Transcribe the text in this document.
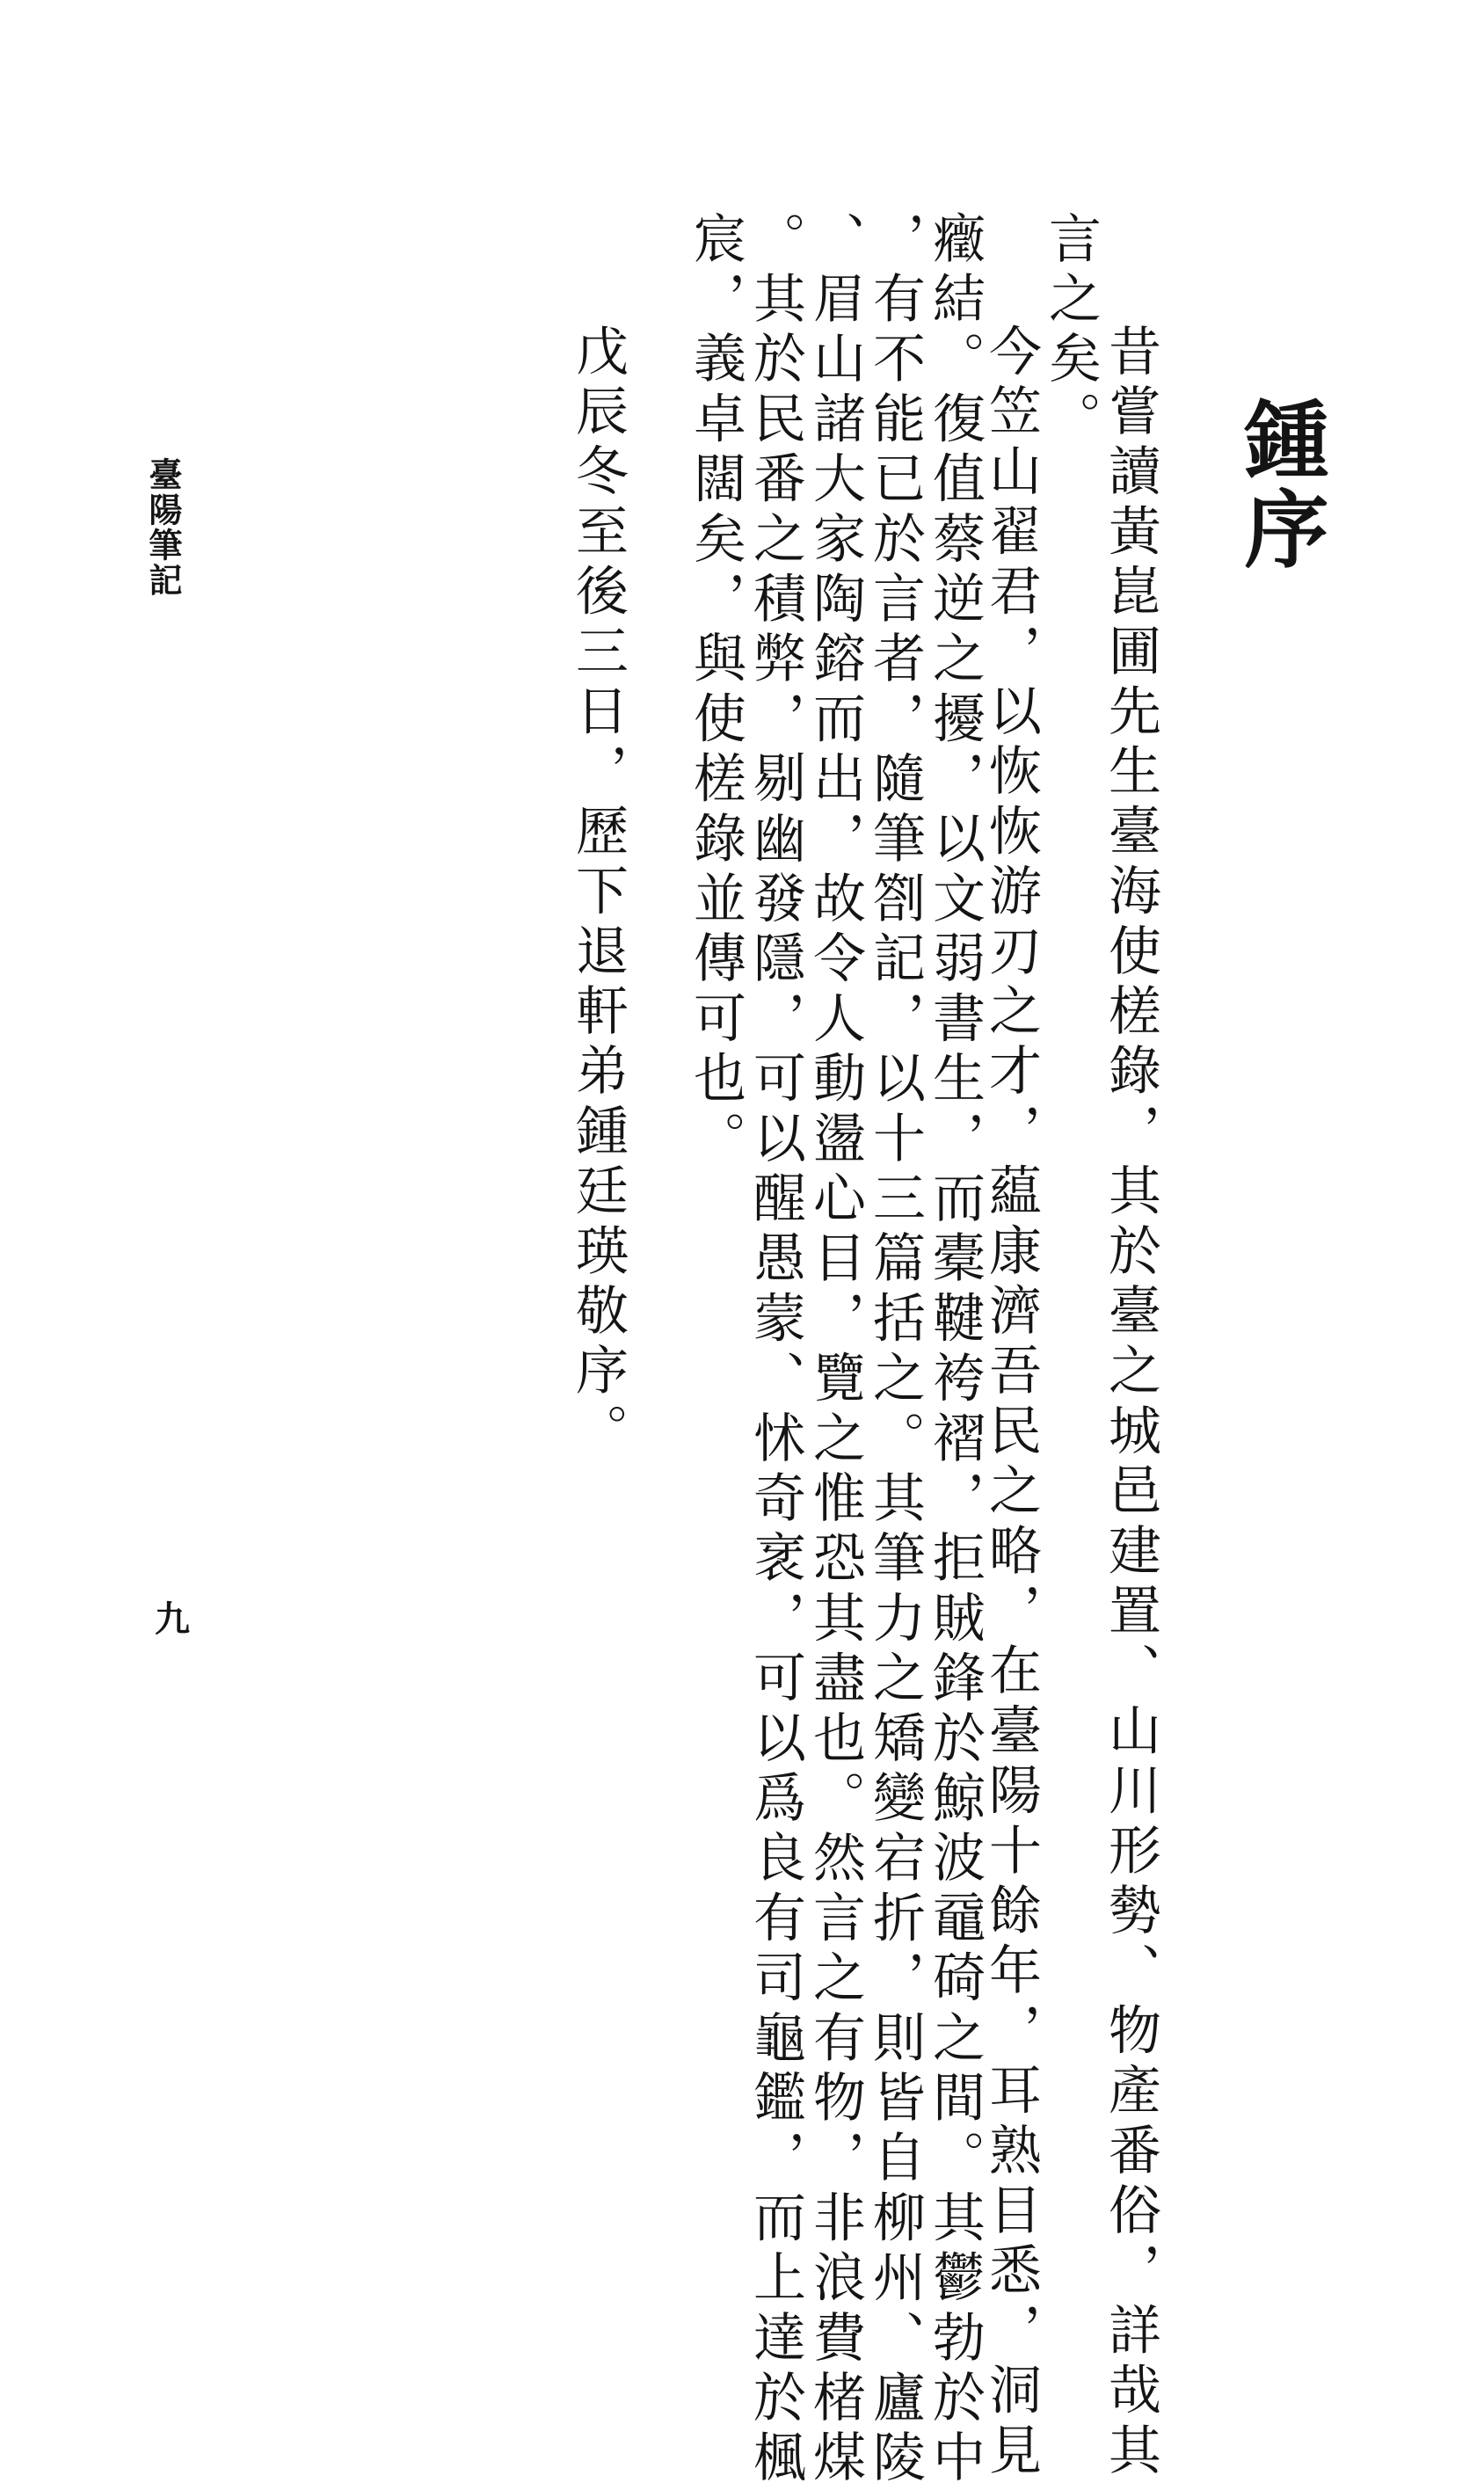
鍾序
昔嘗讀黃崑圃先生臺海使槎錄，其於臺之城邑建置、山川形勢、物產番俗，詳哉其
言之矣。
今笠山翟君，以恢恢游刃之才，藴康濟吾民之略，在臺陽十餘年，耳熟目悉，洞見
癥結。復值蔡逆之擾，以文弱書生，而橐鞬袴褶，拒賊鋒於鯨波黿碕之間。其鬱勃於中
，有不能已於言者，隨筆劄記，以十三篇括之。其筆力之矯變宕折，則皆自柳州、廬陵
、眉山諸大家陶鎔而出，故令人動盪心目，覽之惟恐其盡也。然言之有物，非浪費楮煤
。其於民番之積弊，剔幽發隱，可以醒愚蒙、怵奇衺，可以爲良有司龜鑑，而上達於楓
宸，義卓闊矣，與使槎錄並傳可也。
戊辰冬至後三日，歷下退軒弟鍾廷瑛敬序。
臺陽筆記
九
